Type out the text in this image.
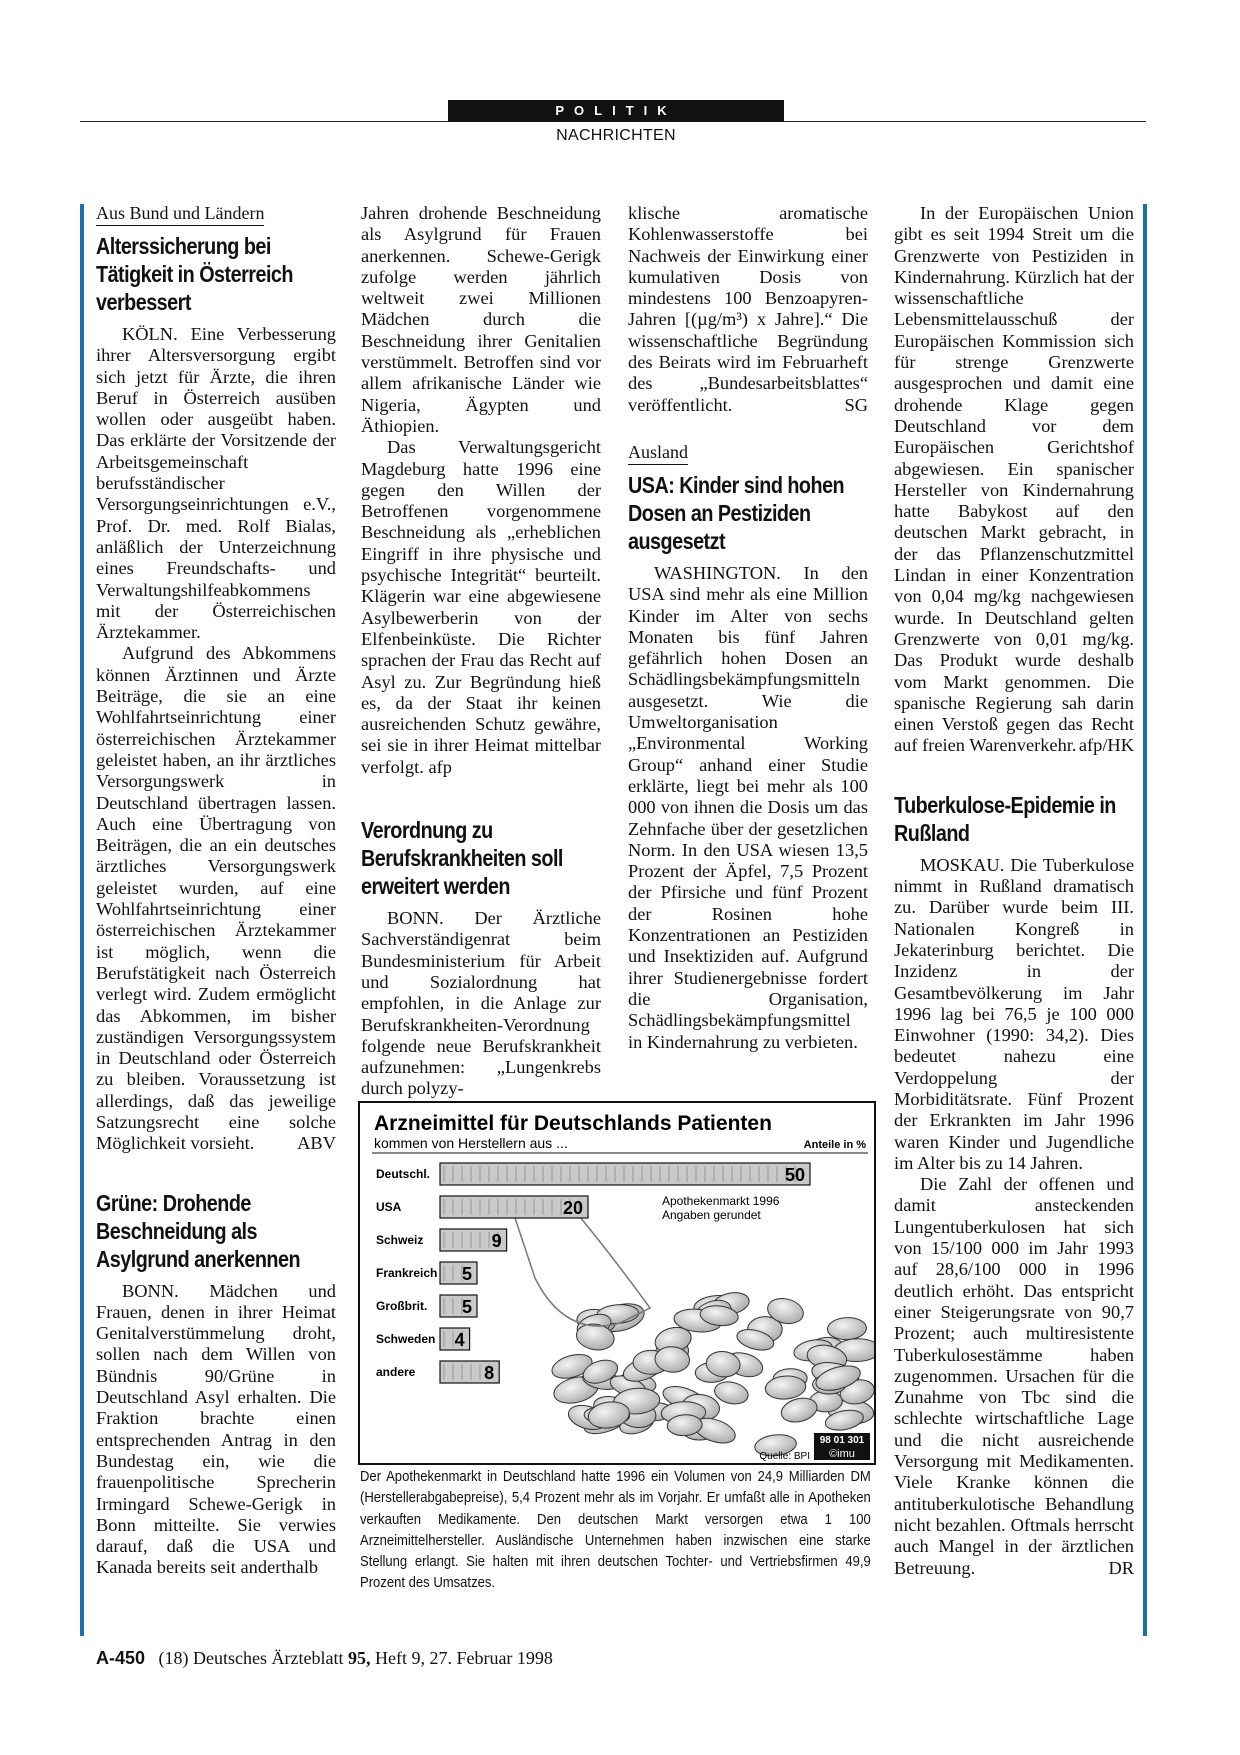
POLITIK
NACHRICHTEN
Aus Bund und Ländern
Alterssicherung bei Tätigkeit in Österreich verbessert

KÖLN. Eine Verbesserung ihrer Altersversorgung ergibt sich jetzt für Ärzte, die ihren Beruf in Österreich ausüben wollen oder ausgeübt haben. Das erklärte der Vorsitzende der Arbeitsgemeinschaft berufsständischer Versorgungseinrichtungen e.V., Prof. Dr. med. Rolf Bialas, anläßlich der Unterzeichnung eines Freundschafts- und Verwaltungshilfeabkommens mit der Österreichischen Ärztekammer.

Aufgrund des Abkommens können Ärztinnen und Ärzte Beiträge, die sie an eine Wohlfahrtseinrichtung einer österreichischen Ärztekammer geleistet haben, an ihr ärztliches Versorgungswerk in Deutschland übertragen lassen. Auch eine Übertragung von Beiträgen, die an ein deutsches ärztliches Versorgungswerk geleistet wurden, auf eine Wohlfahrtseinrichtung einer österreichischen Ärztekammer ist möglich, wenn die Berufstätigkeit nach Österreich verlegt wird. Zudem ermöglicht das Abkommen, im bisher zuständigen Versorgungssystem in Deutschland oder Österreich zu bleiben. Voraussetzung ist allerdings, daß das jeweilige Satzungsrecht eine solche Möglichkeit vorsieht. ABV

Grüne: Drohende Beschneidung als Asylgrund anerkennen

BONN. Mädchen und Frauen, denen in ihrer Heimat Genitalverstümmelung droht, sollen nach dem Willen von Bündnis 90/Grüne in Deutschland Asyl erhalten. Die Fraktion brachte einen entsprechenden Antrag in den Bundestag ein, wie die frauenpolitische Sprecherin Irmingard Schewe-Gerigk in Bonn mitteilte. Sie verwies darauf, daß die USA und Kanada bereits seit anderthalb

Jahren drohende Beschneidung als Asylgrund für Frauen anerkennen. Schewe-Gerigk zufolge werden jährlich weltweit zwei Millionen Mädchen durch die Beschneidung ihrer Genitalien verstümmelt. Betroffen sind vor allem afrikanische Länder wie Nigeria, Ägypten und Äthiopien.

Das Verwaltungsgericht Magdeburg hatte 1996 eine gegen den Willen der Betroffenen vorgenommene Beschneidung als „erheblichen Eingriff in ihre physische und psychische Integrität“ beurteilt. Klägerin war eine abgewiesene Asylbewerberin von der Elfenbeinküste. Die Richter sprachen der Frau das Recht auf Asyl zu. Zur Begründung hieß es, da der Staat ihr keinen ausreichenden Schutz gewähre, sei sie in ihrer Heimat mittelbar verfolgt. afp

Verordnung zu Berufskrankheiten soll erweitert werden

BONN. Der Ärztliche Sachverständigenrat beim Bundesministerium für Arbeit und Sozialordnung hat empfohlen, in die Anlage zur Berufskrankheiten-Verordnung folgende neue Berufskrankheit aufzunehmen: „Lungenkrebs durch polyzy-

klische aromatische Kohlenwasserstoffe bei Nachweis der Einwirkung einer kumulativen Dosis von mindestens 100 Benzoapyren-Jahren [(µg/m³) x Jahre].“ Die wissenschaftliche Begründung des Beirats wird im Februarheft des „Bundesarbeitsblattes“ veröffentlicht.	SG

Ausland
USA: Kinder sind hohen Dosen an Pestiziden ausgesetzt

WASHINGTON. In den USA sind mehr als eine Million Kinder im Alter von sechs Monaten bis fünf Jahren gefährlich hohen Dosen an Schädlingsbekämpfungsmitteln ausgesetzt. Wie die Umweltorganisation „Environmental Working Group“ anhand einer Studie erklärte, liegt bei mehr als 100 000 von ihnen die Dosis um das Zehnfache über der gesetzlichen Norm. In den USA wiesen 13,5 Prozent der Äpfel, 7,5 Prozent der Pfirsiche und fünf Prozent der Rosinen hohe Konzentrationen an Pestiziden und Insektiziden auf. Aufgrund ihrer Studienergebnisse fordert die Organisation, Schädlingsbekämpfungsmittel in Kindernahrung zu verbieten.

In der Europäischen Union gibt es seit 1994 Streit um die Grenzwerte von Pestiziden in Kindernahrung. Kürzlich hat der wissenschaftliche Lebensmittelausschuß der Europäischen Kommission sich für strenge Grenzwerte ausgesprochen und damit eine drohende Klage gegen Deutschland vor dem Europäischen Gerichtshof abgewiesen. Ein spanischer Hersteller von Kindernahrung hatte Babykost auf den deutschen Markt gebracht, in der das Pflanzenschutzmittel Lindan in einer Konzentration von 0,04 mg/kg nachgewiesen wurde. In Deutschland gelten Grenzwerte von 0,01 mg/kg. Das Produkt wurde deshalb vom Markt genommen. Die spanische Regierung sah darin einen Verstoß gegen das Recht auf freien Warenverkehr. afp/HK

Tuberkulose-Epidemie in Rußland

MOSKAU. Die Tuberkulose nimmt in Rußland dramatisch zu. Darüber wurde beim III. Nationalen Kongreß in Jekaterinburg berichtet. Die Inzidenz in der Gesamtbevölkerung im Jahr 1996 lag bei 76,5 je 100 000 Einwohner (1990: 34,2). Dies bedeutet nahezu eine Verdoppelung der Morbiditätsrate. Fünf Prozent der Erkrankten im Jahr 1996 waren Kinder und Jugendliche im Alter bis zu 14 Jahren.

Die Zahl der offenen und damit ansteckenden Lungentuberkulosen hat sich von 15/100 000 im Jahr 1993 auf 28,6/100 000 in 1996 deutlich erhöht. Das entspricht einer Steigerungsrate von 90,7 Prozent; auch multiresistente Tuberkulosestämme haben zugenommen. Ursachen für die Zunahme von Tbc sind die schlechte wirtschaftliche Lage und die nicht ausreichende Versorgung mit Medikamenten. Viele Kranke können die antituberkulotische Behandlung nicht bezahlen. Oftmals herrscht auch Mangel in der ärztlichen Betreuung.	DR

Arzneimittel für Deutschlands Patienten
kommen von Herstellern aus ...	Anteile in %
Apothekenmarkt 1996 Angaben gerundet
Deutschl.	50
USA	20
Schweiz	9
Frankreich 5
Großbrit. 5
Schweden 4
andere	8
98 01 301
©imu
Quelle: BPI
Der Apothekenmarkt in Deutschland hatte 1996 ein Volumen von 24,9 Milliarden DM (Herstellerabgabepreise), 5,4 Prozent mehr als im Vorjahr. Er umfaßt alle in Apotheken verkauften Medikamente. Den deutschen Markt versorgen etwa 1 100 Arzneimittelhersteller. Ausländische Unternehmen haben inzwischen eine starke Stellung erlangt. Sie halten mit ihren deutschen Tochter- und Vertriebsfirmen 49,9 Prozent des Umsatzes.
A-450 (18) Deutsches Ärzteblatt 95, Heft 9, 27. Februar 1998
